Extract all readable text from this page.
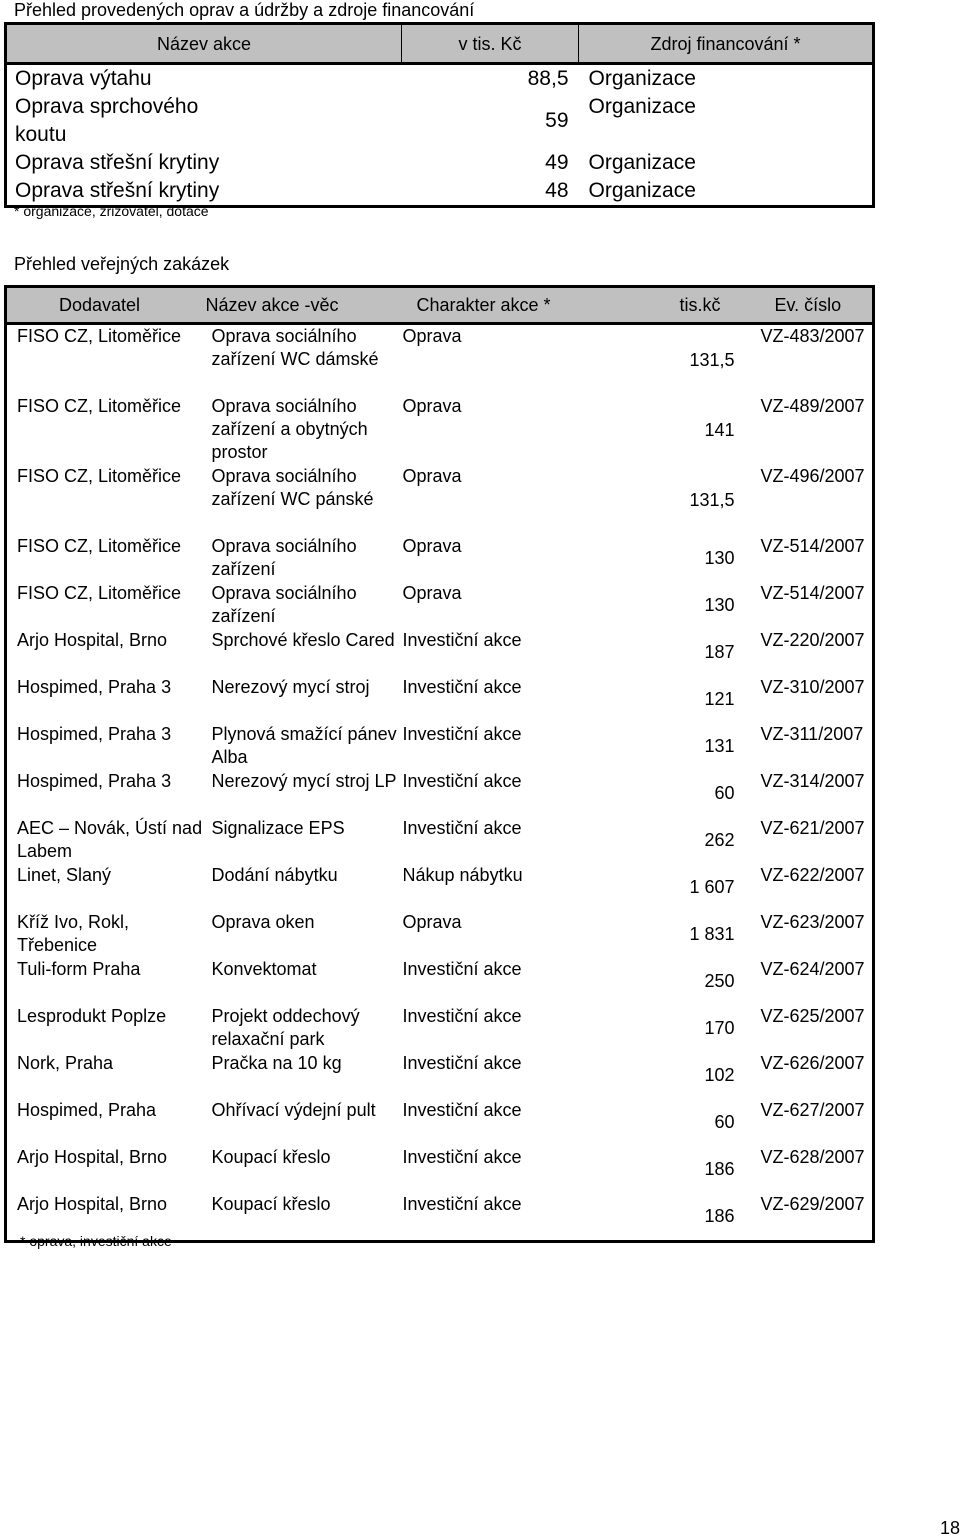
Přehled provedených oprav a údržby a zdroje financování
Název akce	v tis. Kč	Zdroj financování *
Oprava výtahu	88,5	Organizace
Oprava sprchového koutu	59	Organizace
Oprava střešní krytiny	49	Organizace
Oprava střešní krytiny	48	Organizace
* organizace, zřizovatel, dotace
Přehled veřejných zakázek
Dodavatel	Název akce -věc	Charakter akce *	tis.kč	Ev. číslo
FISO CZ, Litoměřice	Oprava sociálního zařízení WC dámské	Oprava	131,5	VZ-483/2007
FISO CZ, Litoměřice	Oprava sociálního zařízení a obytných prostor	Oprava	141	VZ-489/2007
FISO CZ, Litoměřice	Oprava sociálního zařízení WC pánské	Oprava	131,5	VZ-496/2007
FISO CZ, Litoměřice	Oprava sociálního zařízení	Oprava	130	VZ-514/2007
FISO CZ, Litoměřice	Oprava sociálního zařízení	Oprava	130	VZ-514/2007
Arjo Hospital, Brno	Sprchové křeslo Cared	Investiční akce	187	VZ-220/2007
Hospimed, Praha 3	Nerezový mycí stroj	Investiční akce	121	VZ-310/2007
Hospimed, Praha 3	Plynová smažící pánev Alba	Investiční akce	131	VZ-311/2007
Hospimed, Praha 3	Nerezový mycí stroj LP	Investiční akce	60	VZ-314/2007
AEC – Novák, Ústí nad Labem	Signalizace EPS	Investiční akce	262	VZ-621/2007
Linet, Slaný	Dodání nábytku	Nákup nábytku	1 607	VZ-622/2007
Kříž Ivo, Rokl, Třebenice	Oprava oken	Oprava	1 831	VZ-623/2007
Tuli-form Praha	Konvektomat	Investiční akce	250	VZ-624/2007
Lesprodukt Poplze	Projekt oddechový relaxační park	Investiční akce	170	VZ-625/2007
Nork, Praha	Pračka na 10 kg	Investiční akce	102	VZ-626/2007
Hospimed, Praha	Ohřívací výdejní pult	Investiční akce	60	VZ-627/2007
Arjo Hospital, Brno	Koupací křeslo	Investiční akce	186	VZ-628/2007
Arjo Hospital, Brno	Koupací křeslo	Investiční akce	186	VZ-629/2007
* oprava, investiční akce
18
